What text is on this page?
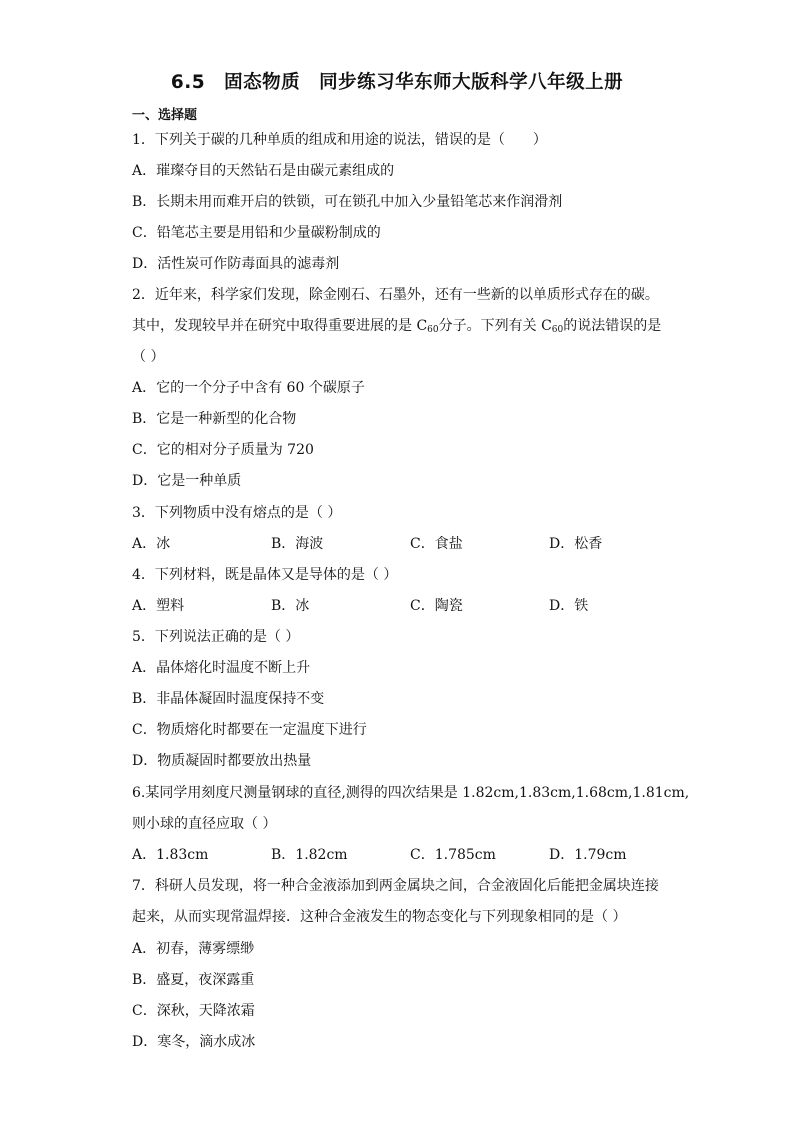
6.5　固态物质　同步练习华东师大版科学八年级上册
一、选择题
1．下列关于碳的几种单质的组成和用途的说法，错误的是（　　）
A．璀璨夺目的天然钻石是由碳元素组成的
B．长期未用而难开启的铁锁，可在锁孔中加入少量铅笔芯来作润滑剂
C．铅笔芯主要是用铅和少量碳粉制成的
D．活性炭可作防毒面具的滤毒剂
2．近年来，科学家们发现，除金刚石、石墨外，还有一些新的以单质形式存在的碳。
其中，发现较早并在研究中取得重要进展的是 $C_{60}$分子。下列有关 $C_{60}$的说法错误的是
（ ）
A．它的一个分子中含有 60 个碳原子
B．它是一种新型的化合物
C．它的相对分子质量为 720
D．它是一种单质
3．下列物质中没有熔点的是（ ）
A．冰	B．海波	C．食盐	D．松香
4．下列材料，既是晶体又是导体的是（ ）
A．塑料	B．冰	C．陶瓷	D．铁
5．下列说法正确的是（ ）
A．晶体熔化时温度不断上升
B．非晶体凝固时温度保持不变
C．物质熔化时都要在一定温度下进行
D．物质凝固时都要放出热量
6.某同学用刻度尺测量钢球的直径,测得的四次结果是 1.82cm,1.83cm,1.68cm,1.81cm,
则小球的直径应取（ ）
A．1.83cm	B．1.82cm	C．1.785cm	D．1.79cm
7．科研人员发现，将一种合金液添加到两金属块之间，合金液固化后能把金属块连接
起来，从而实现常温焊接．这种合金液发生的物态变化与下列现象相同的是（ ）
A．初春，薄雾缥缈
B．盛夏，夜深露重
C．深秋，天降浓霜
D．寒冬，滴水成冰
